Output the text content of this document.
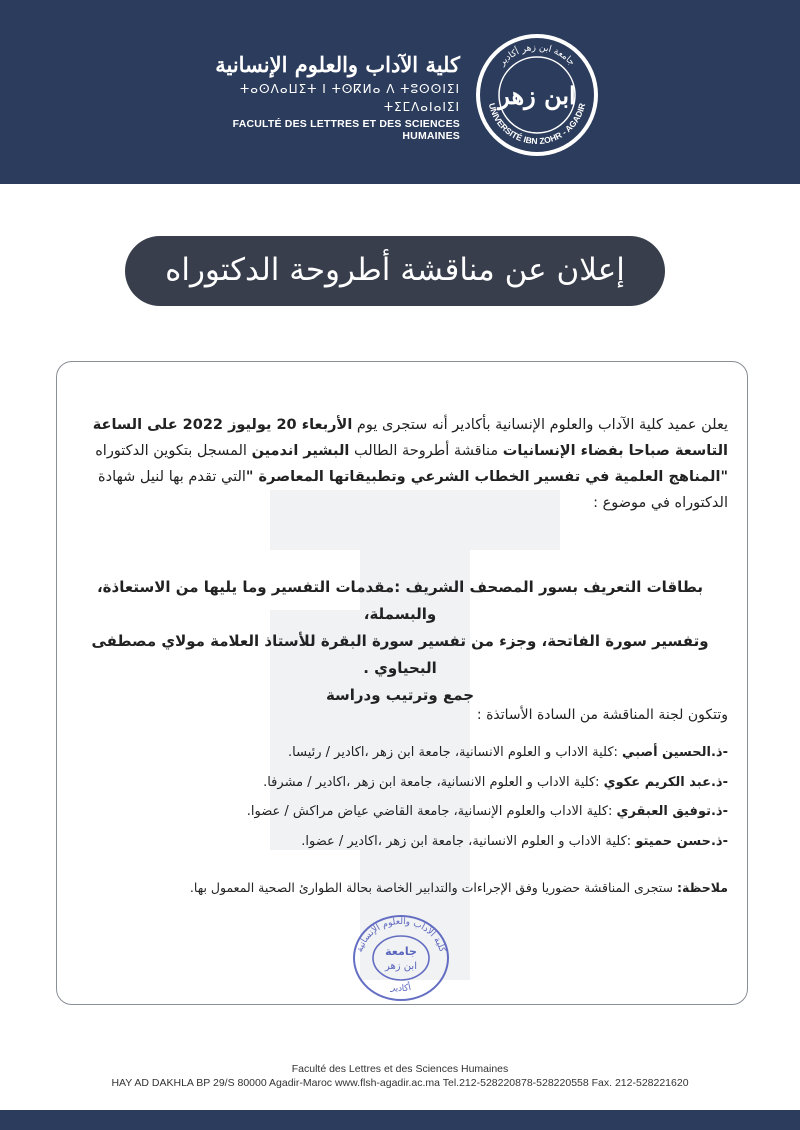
كلية الآداب والعلوم الإنسانية
ⵜⴰⵙⴷⴰⵡⵉⵜ ⵏ ⵜⵙⴽⵍⴰ ⴷ ⵜⵓⵙⵙⵏⵉⵏ ⵜⵉⵎⴷⴰⵏⴰⵏⵉⵏ
FACULTÉ DES LETTRES ET DES SCIENCES HUMAINES
جامعة ابن زهر أكادير
UNIVERSITÉ IBN ZOHR - AGADIR
ابن زهر
إعلان عن مناقشة أطروحة الدكتوراه

يعلن عميد كلية الآداب والعلوم الإنسانية بأكادير أنه ستجرى يوم الأربعاء 20 يوليوز 2022 على الساعة التاسعة صباحا بفضاء الإنسانيات مناقشة أطروحة الطالب البشير اندمين المسجل بتكوين الدكتوراه "المناهج العلمية في تفسير الخطاب الشرعي وتطبيقاتها المعاصرة "التي تقدم بها لنيل شهادة الدكتوراه في موضوع :

بطاقات التعريف بسور المصحف الشريف :مقدمات التفسير وما يليها من الاستعاذة، والبسملة،
وتفسير سورة الفاتحة، وجزء من تفسير سورة البقرة للأستاذ العلامة مولاي مصطفى البحياوي .
جمع وترتيب ودراسة
وتتكون لجنة المناقشة من السادة الأساتذة :
-ذ.الحسين أصبي :كلية الاداب و العلوم الانسانية، جامعة ابن زهر ،اكادير / رئيسا.
-ذ.عبد الكريم عكوي :كلية الاداب و العلوم الانسانية، جامعة ابن زهر ،اكادير / مشرفا.
-ذ.توفيق العبقري :كلية الاداب والعلوم الإنسانية، جامعة القاضي عياض مراكش / عضوا.
-ذ.حسن حميتو :كلية الاداب و العلوم الانسانية، جامعة ابن زهر ،اكادير / عضوا.

ملاحظة: ستجرى المناقشة حضوريا وفق الإجراءات والتدابير الخاصة بحالة الطوارئ الصحية المعمول بها.

كلية الآداب والعلوم الإنسانية
أكادير
جامعة
ابن زهر
Faculté des Lettres et des Sciences Humaines
HAY AD DAKHLA BP 29/S 80000 Agadir-Maroc www.flsh-agadir.ac.ma Tel.212-528220878-528220558 Fax. 212-528221620
